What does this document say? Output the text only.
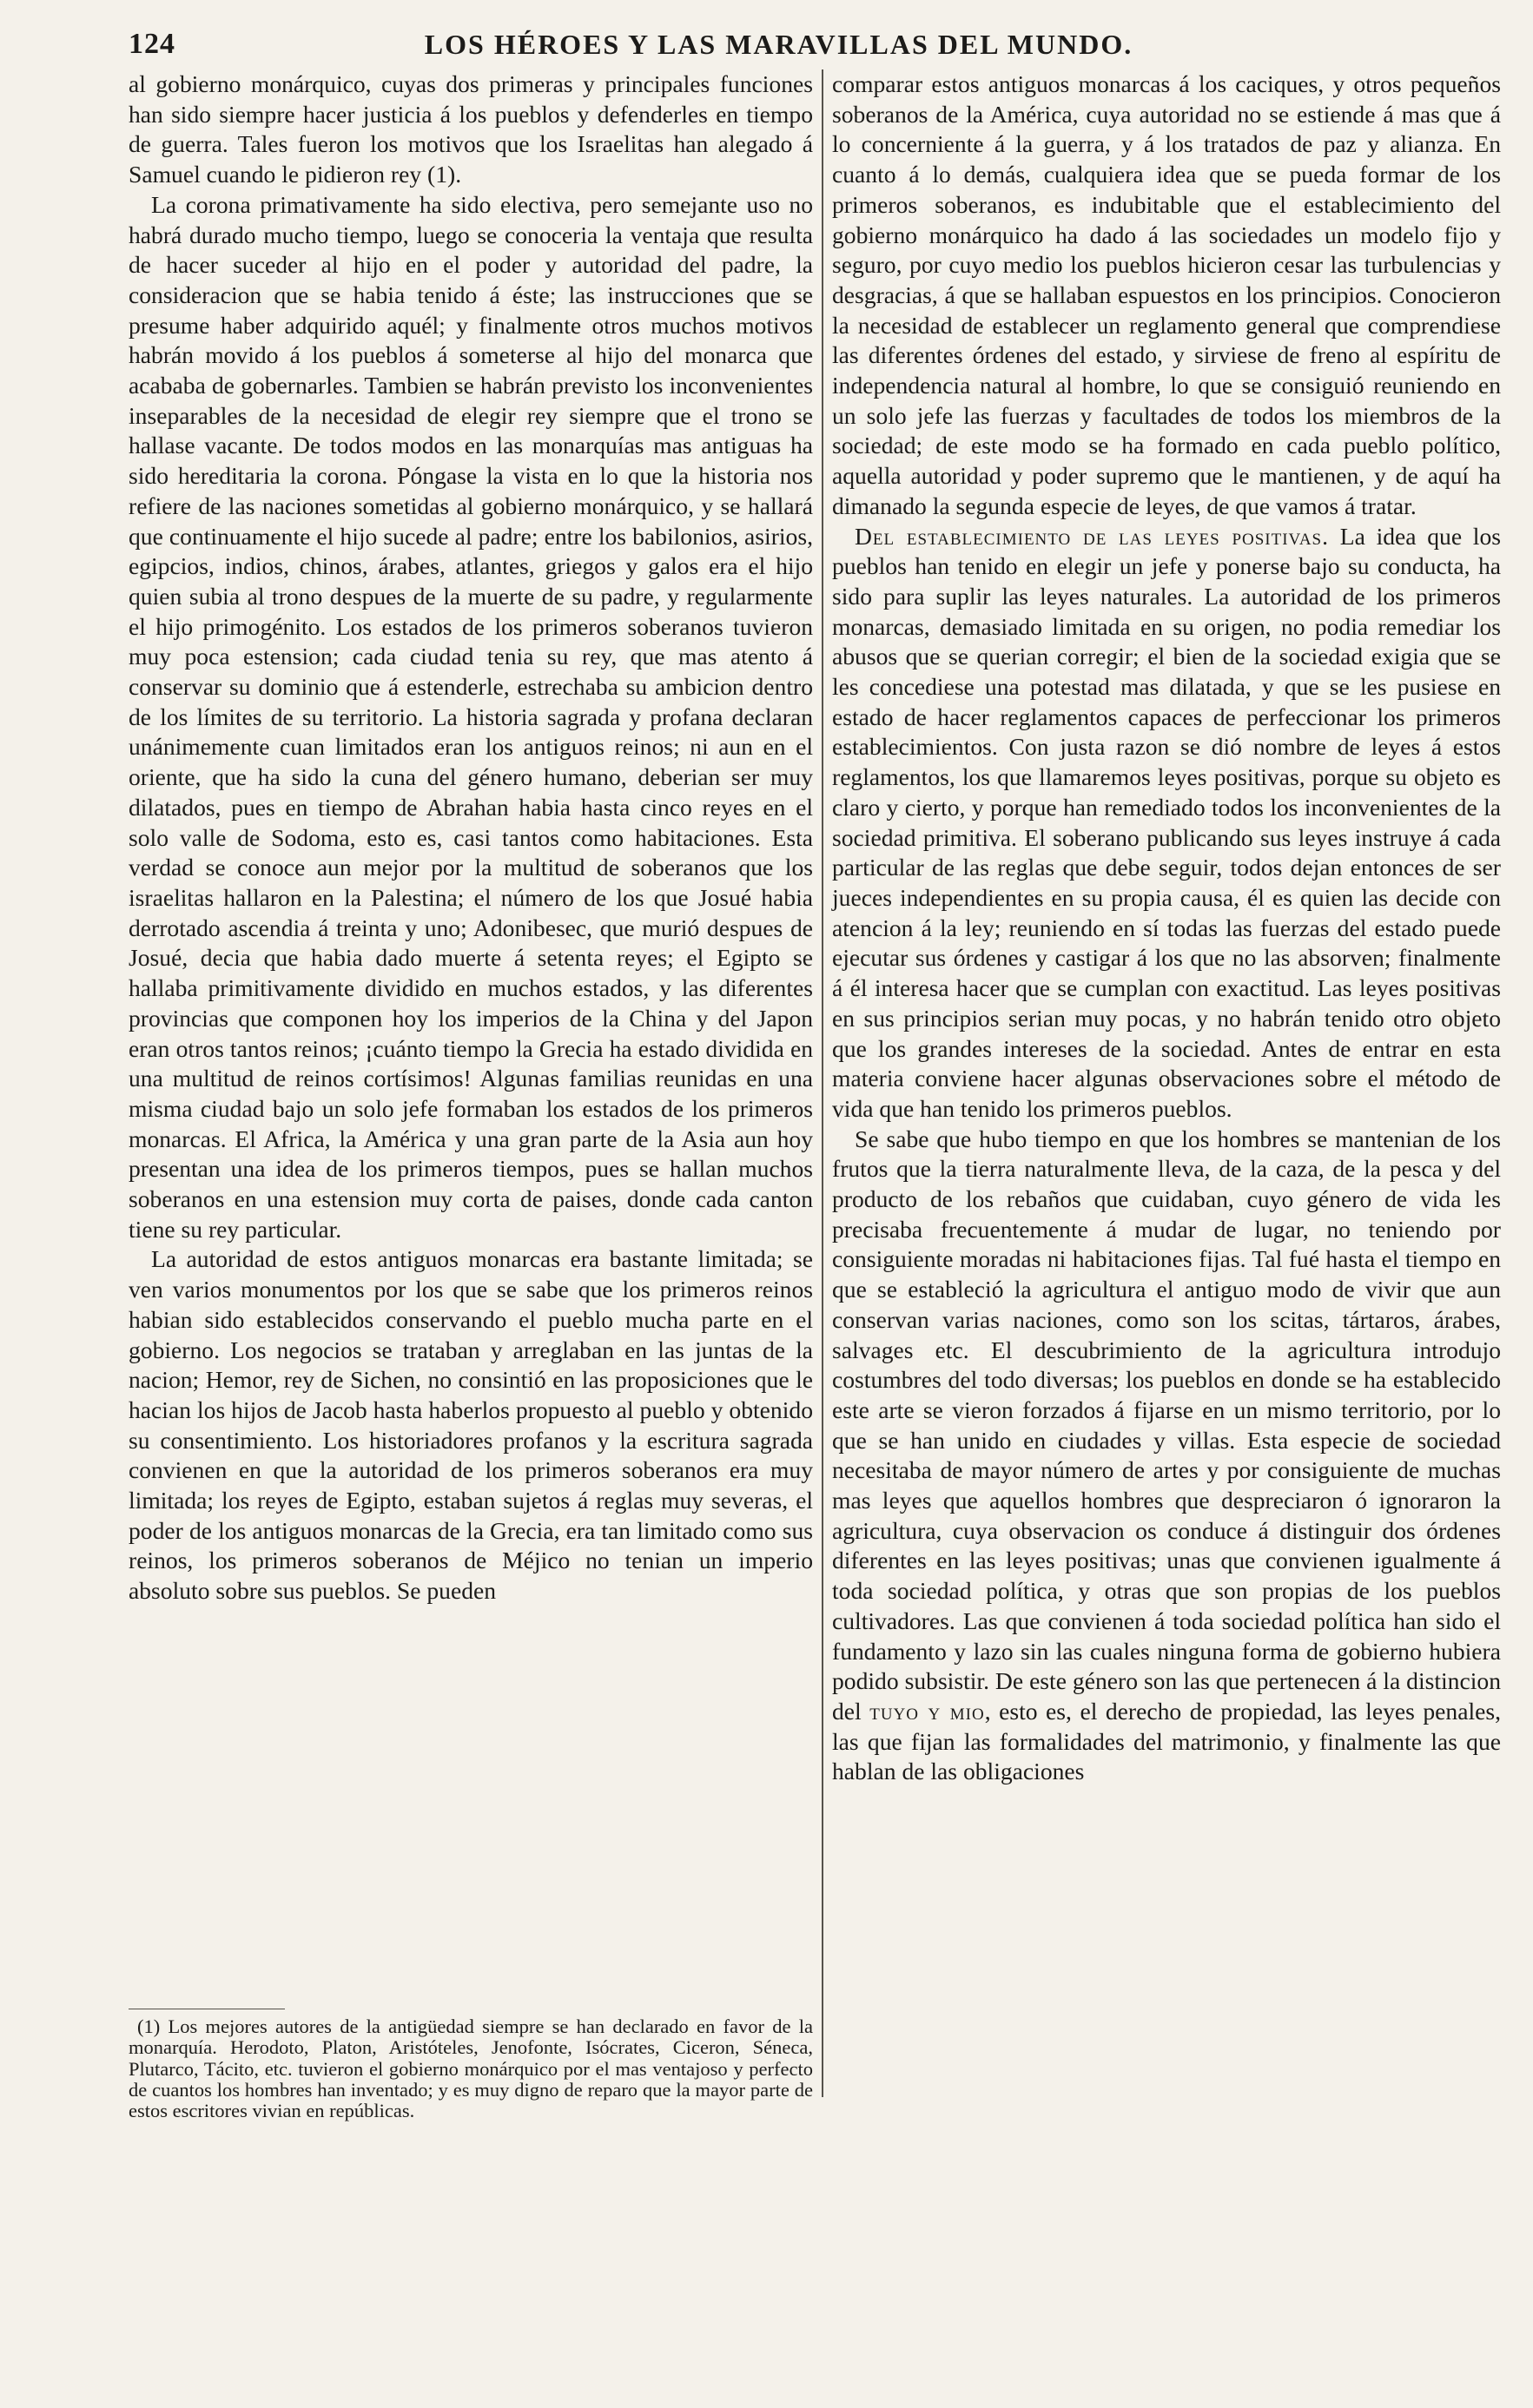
124	LOS HÉROES Y LAS MARAVILLAS DEL MUNDO.

al gobierno monárquico, cuyas dos primeras y principales funciones han sido siempre hacer justicia á los pueblos y defenderles en tiempo de guerra. Tales fueron los motivos que los Israelitas han alegado á Samuel cuando le pidieron rey (1).

La corona primativamente ha sido electiva, pero semejante uso no habrá durado mucho tiempo, luego se conoceria la ventaja que resulta de hacer suceder al hijo en el poder y autoridad del padre, la consideracion que se habia tenido á éste; las instrucciones que se presume haber adquirido aquél; y finalmente otros muchos motivos habrán movido á los pueblos á someterse al hijo del monarca que acababa de gobernarles. Tambien se habrán previsto los inconvenientes inseparables de la necesidad de elegir rey siempre que el trono se hallase vacante. De todos modos en las monarquías mas antiguas ha sido hereditaria la corona. Póngase la vista en lo que la historia nos refiere de las naciones sometidas al gobierno monárquico, y se hallará que continuamente el hijo sucede al padre; entre los babilonios, asirios, egipcios, indios, chinos, árabes, atlantes, griegos y galos era el hijo quien subia al trono despues de la muerte de su padre, y regularmente el hijo primogénito. Los estados de los primeros soberanos tuvieron muy poca estension; cada ciudad tenia su rey, que mas atento á conservar su dominio que á estenderle, estrechaba su ambicion dentro de los límites de su territorio. La historia sagrada y profana declaran unánimemente cuan limitados eran los antiguos reinos; ni aun en el oriente, que ha sido la cuna del género humano, deberian ser muy dilatados, pues en tiempo de Abrahan habia hasta cinco reyes en el solo valle de Sodoma, esto es, casi tantos como habitaciones. Esta verdad se conoce aun mejor por la multitud de soberanos que los israelitas hallaron en la Palestina; el número de los que Josué habia derrotado ascendia á treinta y uno; Adonibesec, que murió despues de Josué, decia que habia dado muerte á setenta reyes; el Egipto se hallaba primitivamente dividido en muchos estados, y las diferentes provincias que componen hoy los imperios de la China y del Japon eran otros tantos reinos; ¡cuánto tiempo la Grecia ha estado dividida en una multitud de reinos cortísimos! Algunas familias reunidas en una misma ciudad bajo un solo jefe formaban los estados de los primeros monarcas. El Africa, la América y una gran parte de la Asia aun hoy presentan una idea de los primeros tiempos, pues se hallan muchos soberanos en una estension muy corta de paises, donde cada canton tiene su rey particular.

La autoridad de estos antiguos monarcas era bastante limitada; se ven varios monumentos por los que se sabe que los primeros reinos habian sido establecidos conservando el pueblo mucha parte en el gobierno. Los negocios se trataban y arreglaban en las juntas de la nacion; Hemor, rey de Sichen, no consintió en las proposiciones que le hacian los hijos de Jacob hasta haberlos propuesto al pueblo y obtenido su consentimiento. Los historiadores profanos y la escritura sagrada convienen en que la autoridad de los primeros soberanos era muy limitada; los reyes de Egipto, estaban sujetos á reglas muy severas, el poder de los antiguos monarcas de la Grecia, era tan limitado como sus reinos, los primeros soberanos de Méjico no tenian un imperio absoluto sobre sus pueblos. Se pueden

(1) Los mejores autores de la antigüedad siempre se han declarado en favor de la monarquía. Herodoto, Platon, Aristóteles, Jenofonte, Isócrates, Ciceron, Séneca, Plutarco, Tácito, etc. tuvieron el gobierno monárquico por el mas ventajoso y perfecto de cuantos los hombres han inventado; y es muy digno de reparo que la mayor parte de estos escritores vivian en repúblicas.

comparar estos antiguos monarcas á los caciques, y otros pequeños soberanos de la América, cuya autoridad no se estiende á mas que á lo concerniente á la guerra, y á los tratados de paz y alianza. En cuanto á lo demás, cualquiera idea que se pueda formar de los primeros soberanos, es indubitable que el establecimiento del gobierno monárquico ha dado á las sociedades un modelo fijo y seguro, por cuyo medio los pueblos hicieron cesar las turbulencias y desgracias, á que se hallaban espuestos en los principios. Conocieron la necesidad de establecer un reglamento general que comprendiese las diferentes órdenes del estado, y sirviese de freno al espíritu de independencia natural al hombre, lo que se consiguió reuniendo en un solo jefe las fuerzas y facultades de todos los miembros de la sociedad; de este modo se ha formado en cada pueblo político, aquella autoridad y poder supremo que le mantienen, y de aquí ha dimanado la segunda especie de leyes, de que vamos á tratar.

Del establecimiento de las leyes positivas. La idea que los pueblos han tenido en elegir un jefe y ponerse bajo su conducta, ha sido para suplir las leyes naturales. La autoridad de los primeros monarcas, demasiado limitada en su origen, no podia remediar los abusos que se querian corregir; el bien de la sociedad exigia que se les concediese una potestad mas dilatada, y que se les pusiese en estado de hacer reglamentos capaces de perfeccionar los primeros establecimientos. Con justa razon se dió nombre de leyes á estos reglamentos, los que llamaremos leyes positivas, porque su objeto es claro y cierto, y porque han remediado todos los inconvenientes de la sociedad primitiva. El soberano publicando sus leyes instruye á cada particular de las reglas que debe seguir, todos dejan entonces de ser jueces independientes en su propia causa, él es quien las decide con atencion á la ley; reuniendo en sí todas las fuerzas del estado puede ejecutar sus órdenes y castigar á los que no las absorven; finalmente á él interesa hacer que se cumplan con exactitud. Las leyes positivas en sus principios serian muy pocas, y no habrán tenido otro objeto que los grandes intereses de la sociedad. Antes de entrar en esta materia conviene hacer algunas observaciones sobre el método de vida que han tenido los primeros pueblos.

Se sabe que hubo tiempo en que los hombres se mantenian de los frutos que la tierra naturalmente lleva, de la caza, de la pesca y del producto de los rebaños que cuidaban, cuyo género de vida les precisaba frecuentemente á mudar de lugar, no teniendo por consiguiente moradas ni habitaciones fijas. Tal fué hasta el tiempo en que se estableció la agricultura el antiguo modo de vivir que aun conservan varias naciones, como son los scitas, tártaros, árabes, salvages etc. El descubrimiento de la agricultura introdujo costumbres del todo diversas; los pueblos en donde se ha establecido este arte se vieron forzados á fijarse en un mismo territorio, por lo que se han unido en ciudades y villas. Esta especie de sociedad necesitaba de mayor número de artes y por consiguiente de muchas mas leyes que aquellos hombres que despreciaron ó ignoraron la agricultura, cuya observacion os conduce á distinguir dos órdenes diferentes en las leyes positivas; unas que convienen igualmente á toda sociedad política, y otras que son propias de los pueblos cultivadores. Las que convienen á toda sociedad política han sido el fundamento y lazo sin las cuales ninguna forma de gobierno hubiera podido subsistir. De este género son las que pertenecen á la distincion del tuyo y mio, esto es, el derecho de propiedad, las leyes penales, las que fijan las formalidades del matrimonio, y finalmente las que hablan de las obligaciones
